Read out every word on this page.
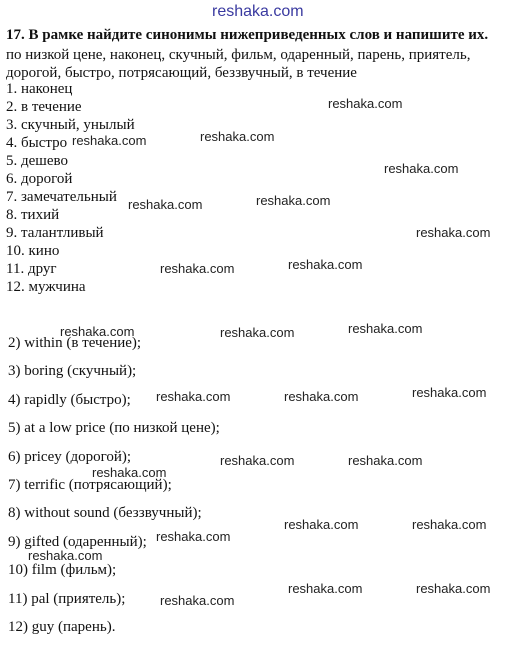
reshaka.com
17. В рамке найдите синонимы нижеприведенных слов и напишите их.
по низкой цене, наконец, скучный, фильм, одаренный, парень, приятель, дорогой, быстро, потрясающий, беззвучный, в течение
1. наконец
2. в течение
3. скучный, унылый
4. быстро
5. дешево
6. дорогой
7. замечательный
8. тихий
9. талантливый
10. кино
11. друг
12. мужчина
2) within (в течение);
3) boring (скучный);
4) rapidly (быстро);
5) at a low price (по низкой цене);
6) pricey (дорогой);
7) terrific (потрясающий);
8) without sound (беззвучный);
9) gifted (одаренный);
10) film (фильм);
11) pal (приятель);
12) guy (парень).
reshaka.com
reshaka.com
reshaka.com
reshaka.com
reshaka.com
reshaka.com
reshaka.com
reshaka.com
reshaka.com
reshaka.com
reshaka.com	reshaka.com
reshaka.com
reshaka.com	reshaka.com
reshaka.com	reshaka.com
reshaka.com
reshaka.com	reshaka.com
reshaka.com
reshaka.com
reshaka.com	reshaka.com
reshaka.com
